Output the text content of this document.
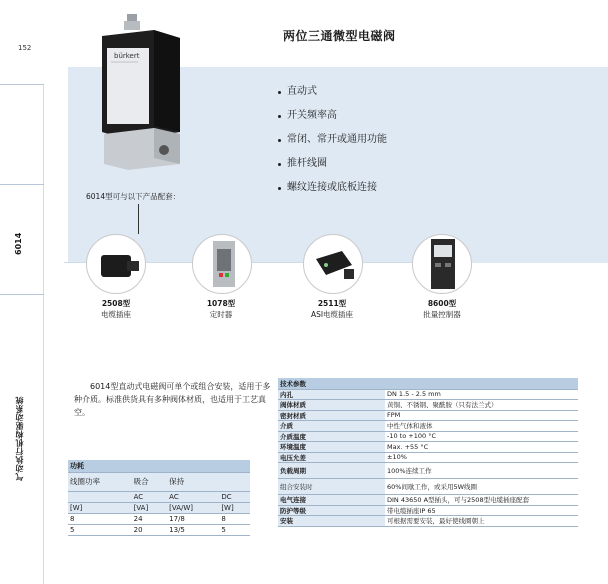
152
6014
气动执行机构驱动系统
两位三通微型电磁阀
bürkert
直动式
开关频率高
常闭、常开或通用功能
推杆线圈
螺纹连接或底板连接
6014型可与以下产品配套：
2508型
电缆插座
1078型
定时器
2511型
ASI电缆插座
8600型
批量控制器
6014型直动式电磁阀可单个或组合安装，适用于多种介质。标准供货具有多种阀体材质，也适用于工艺真空。
功耗			
线圈功率	吸合	保持	
	AC	AC	DC
[W]	[VA]	[VA/W]	[W]
8	24	17/8	8
5	20	13/5	5
技术参数	
内孔	DN 1.5 - 2.5 mm
阀体材质	黄铜、不锈钢、聚酰胺（只有法兰式）
密封材质	FPM
介质	中性气体和液体
介质温度	-10 to +100 °C
环境温度	Max. +55 °C
电压允差	±10%
负载周期	100%连续工作
组合安装时	60%间歇工作，或采用5W线圈
电气连接	DIN 43650 A型插头，可与2508型电缆插座配套
防护等级	带电缆插座IP 65
安装	可根据需要安装，最好使线圈朝上
